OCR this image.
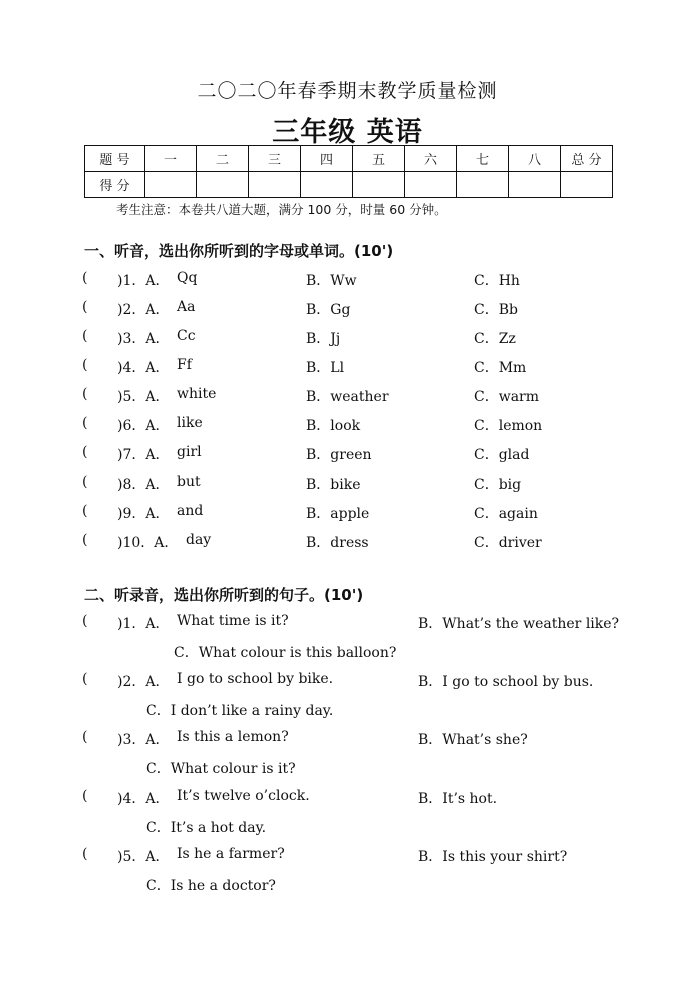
二〇二〇年春季期末教学质量检测
三年级 英语
题 号	一	二	三	四	五	六	七	八	总 分
得 分									
考生注意：本卷共八道大题，满分 100 分，时量 60 分钟。
一、听音，选出你所听到的字母或单词。(10')
( )1．A． Qq	B．Ww	C．Hh
( )2．A． Aa	B．Gg	C．Bb
( )3．A． Cc	B．Jj	C．Zz
( )4．A． Ff	B．Ll	C．Mm
( )5．A． white	B．weather	C．warm
( )6．A． like	B．look	C．lemon
( )7．A． girl	B．green	C．glad
( )8．A． but	B．bike	C．big
( )9．A． and	B．apple	C．again
( )10．A． day	B．dress	C．driver
二、听录音，选出你所听到的句子。(10')
( )1．A． What time is it?	B．What’s the weather like?
C．What colour is this balloon?
( )2．A． I go to school by bike.	B．I go to school by bus.
C．I don’t like a rainy day.
( )3．A． Is this a lemon?	B．What’s she?
C．What colour is it?
( )4．A． It’s twelve o’clock.	B．It’s hot.
C．It’s a hot day.
( )5．A． Is he a farmer?	B．Is this your shirt?
C．Is he a doctor?
